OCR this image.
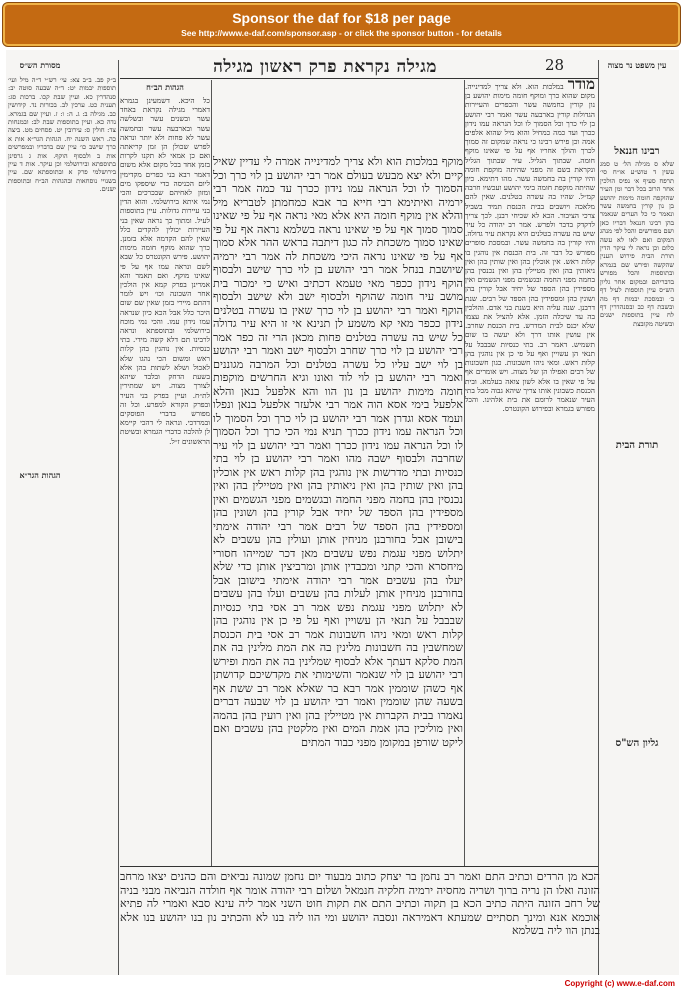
Sponsor the daf for $18 per page
See http://www.e-daf.com/sponsor.asp - or click the sponsor button - for details
28
מגילה נקראת פרק ראשון מגילה	עין משפט נר מצוה
רבינו חננאל
תורת הבית
גליון הש"ס
מסורת הש״ס
הגהות הגר״א

שלא ס מגילה הל׳ ט סמג עשין ד טוש״ע או״ח סי׳ תרפח סעיף א׳ נפיס הולכין אחר הרוב בכל דבר ומן העיר שהוקפה חומה מימות יהושע בן נון קורין בחמשה עשר ונאמר כי כל הערים שנאמר בהן רבינו חננאל דבריו כאן ושם מפורשים והכל לפי מנהג המקום ואם לאו לא עשה כלום וכן נראה לי עיקר הדין תורת הבית פירוש הענין שהקשה ופירש שם בגמרא ובתוספות והכל מפורש בדבריהם ובמקום אחר גליון הש״ס עיין תוספות לעיל דף ב׳ ובמסכת יבמות דף מה ובשבת דף כב ובסנהדרין דף לח עיין בתוספות ישנים ובשיטה מקובצת

מודר במלכות הוא. ולא צריך למדינייה. מקום שהוא כרך ומוקף חומה מימות יהושע בן נון קורין בחמשה עשר והכפרים והעיירות הגדולות קורין בארבעה עשר ואמר רבי יהושע בן לוי כרך וכל הסמוך לו וכל הנראה עמו נידון ככרך ועד כמה כמחיל והוא מיל שהוא אלפים אמה וכן פירש רבינו כי נראה שמקום זה סמוך לכרך והולך אחריו אף על פי שאינו מוקף חומה. שבתוך הגליל. עיר שבתוך הגליל ונקראת בשם זה מפני שהיתה מוקפת חומה והיו קורין בה בחמשה עשר. מהו דתימא. כיון שהיתה מוקפת חומה בימי יהושע ועכשיו חרבה קמ״ל. שהיו בה עשרה בטלנים. שאין להם מלאכה ויושבים בבית הכנסת תמיד בשביל צרכי הציבור. הכא לא שכיחי רבנן. לכך צריך לדקדק בדבר ולפרש. אמר רב יהודה כל עיר שיש בה עשרה בטלנים היא נקראת עיר גדולה. והיו קורין בה בחמשה עשר. ובמסכת סופרים מפורש כל דבר זה. בית הכנסת אין נוהגין בו קלות ראש. אין אוכלין בהן ואין שותין בהן ואין ניאותין בהן ואין מטיילין בהן ואין נכנסין בהן בחמה מפני החמה ובגשמים מפני הגשמים ואין מספידין בהן הספד של יחיד אבל קורין בהן ושונין בהן ומספידין בהן הספד של רבים. שנת דרבנן. שנה עליה היא כשנת בני אדם. והולכין בה עד שיכלה הזמן. אלא להציל את עצמו שלא יכנס לבית המדרש. בית הכנסת שחרב. אין עושין אותו דרך ולא יעשה בו שום תשמיש. דאמר רב. בתי כנסיות שבבבל על תנאי הן עשויין ואף על פי כן אין נוהגין בהן קלות ראש. ומאי ניהו חשבונות. כגון חשבונות של רבים ואפילו הן של מצוה. ויש אומרים אף על פי שאין בו אלא לשון צואה בעלמא. ובית הכנסת כשבונין אותו צריך שיהא גבוה מכל בתי העיר שנאמר לרומם את בית אלהינו. והכל מפורש בגמרא ובפירוש הקונטרס.
הגהות הב״ח

כל היכא. דשמעינן בגמרא דאמרי מגילה נקראת באחד עשר ובשנים עשר ובשלשה עשר ובארבעה עשר ובחמשה עשר לא פחות ולא יותר ונראה לפרש שכולן הן זמן קריאתה ואם כן אמאי לא תקנו לקרות בזמן אחד בכל מקום אלא משום דאמר רבא בני כפרים מקדימין ליום הכניסה כדי שיספקו מים ומזון לאחיהם שבכרכים והכי נמי איתא בירושלמי. והוא הדין בני עיירות גדולות. עיין בתוספות לעיל. ומתוך כך נראה שאין בני העיירות יכולין להקדים כלל שאין להם הקדמה אלא בזמנן. כרך שהוא מוקף חומה מימות יהושע. פירש הקונטרס כל שבא לשם ונראה עמו אף על פי שאינו מוקף. ואם תאמר והא אמרינן בפרק קמא אין הולכין אחר השכונה וכו׳ ויש לומר דהתם מיירי בזמן שאין שם שום היכר כלל אבל הכא כיון שנראה עמו נידון עמו. והכי נמי מוכח בירושלמי ובתוספתא ונראה לרבינו תם דלא קשה מידי. בתי כנסיות. אין נוהגין בהן קלות ראש ומשום הכי נהגו שלא לאכול ושלא לשתות בהן אלא בשעת הדחק ובלבד שיהא לצורך מצוה. ויש שמתירין לת״ח. ועיין בפרק בני העיר ובפרק הקורא למפרע. וכל זה מפורש בדברי הפוסקים ובמרדכי. ונראה לי דהכי קיימא לן להלכה כדברי הגמרא ובשיטת הראשונים ז״ל.

מוקף במלכות הוא ולא צריך למדינייה אמרה לי עדיין שאיל קיים ולא יצא מבעש בעולם אמר רבי יהושע בן לוי כרך וכל הסמוך לו וכל הנראה עמו נידון ככרך עד כמה אמר רבי ירמיה ואיתימא רבי חייא בר אבא כמחמתן לטבריא מיל והלא אין מוקף חומה היא אלא מאי נראה אף על פי שאינו סמוך סמוך אף על פי שאינו נראה בשלמא נראה אף על פי שאינו סמוך משכחת לה כגון דיתבה בראש ההר אלא סמוך אף על פי שאינו נראה היכי משכחת לה אמר רבי ירמיה שיושבת בנחל אמר רבי יהושע בן לוי כרך שישב ולבסוף הוקף נידון ככפר מאי טעמא דכתיב ואיש כי ימכור בית מושב עיר חומה שהוקף ולבסוף ישב ולא שישב ולבסוף הוקף ואמר רבי יהושע בן לוי כרך שאין בו עשרה בטלנים נידון ככפר מאי קא משמע לן תנינא אי זו היא עיר גדולה כל שיש בה עשרה בטלנים פחות מכאן הרי זה כפר אמר רבי יהושע בן לוי כרך שחרב ולבסוף ישב ואמר רבי יהושע בן לוי ישב עליו כל עשרה בטלנים וכל המרבה מגוננים ואמר רבי יהושע בן לוי לוד ואונו וגיא החרשים מוקפות חומה מימות יהושע בן נון הוו והא אלפעל בנאן והלא אלפעל בימי אסא הוה אמר רבי אלעזר אלפעל בנאן ונפלו ועמד אסא וגדרן אמר רבי יהושע בן לוי כרך וכל הסמוך לו וכל הנראה עמו נידון ככרך תניא נמי הכי כרך וכל הסמוך לו וכל הנראה עמו נידון ככרך ואמר רבי יהושע בן לוי עיר שחרבה ולבסוף ישבה מהו ואמר רבי יהושע בן לוי בתי כנסיות ובתי מדרשות אין נוהגין בהן קלות ראש אין אוכלין בהן ואין שותין בהן ואין ניאותין בהן ואין מטיילין בהן ואין נכנסין בהן בחמה מפני החמה ובגשמים מפני הגשמים ואין מספידין בהן הספד של יחיד אבל קורין בהן ושונין בהן ומספידין בהן הספד של רבים אמר רבי יהודה אימתי בישובן אבל בחורבנן מניחין אותן ועולין בהן עשבים לא יתלוש מפני עגמת נפש עשבים מאן דכר שמייהו חסורי מיחסרא והכי קתני ומכבדין אותן ומרביצין אותן כדי שלא יעלו בהן עשבים אמר רבי יהודה אימתי בישובן אבל בחורבנן מניחין אותן לעלות בהן עשבים ועלו בהן עשבים לא יתלוש מפני עגמת נפש אמר רב אסי בתי כנסיות שבבבל על תנאי הן עשויין ואף על פי כן אין נוהגין בהן קלות ראש ומאי ניהו חשבונות אמר רב אסי בית הכנסת שמחשבין בה חשבונות מלינין בה את המת מלינין בה את המת סלקא דעתך אלא לבסוף שמלינין בה את המת ופירש רבי יהושע בן לוי שנאמר והשימותי את מקדשיכם קדושתן אף כשהן שוממין אמר רבא בר שאלא אמר רב ששת אף בשעה שהן שוממין ואמר רבי יהושע בן לוי שבעה דברים נאמרו בבית הקברות אין מטיילין בהן ואין רועין בהן בהמה ואין מוליכין בהן אמת המים ואין מלקטין בהן עשבים ואם ליקט שורפן במקומן מפני כבוד המתים

הכא מן הרדים וכתיב התם ואמר רב נחמן בר יצחק כתוב מבעוד יום נחמן שמונה נביאים והם כהנים יצאו מרחב הזונה ואלו הן נריה ברוך ושריה מחסיה ירמיה חלקיה חנמאל ושלום רבי יהודה אומר אף חולדה הנביאה מבני בניה של רחב הזונה היתה כתיב הכא בן תקוה וכתיב התם את תקות חוט השני אמר ליה עינא סבא ואמרי לה פתיא אוכמא אנא ומינך תסתיים שמעתא דאמיראה ונסבה יהושע ומי הוו ליה בנו לא והכתיב נון בנו יהושע בנו אלא בנתן הוו ליה בשלמא

ב״ק פב. ב״ב צא: עי׳ רש״י ד״ה מיל ועי׳ תוספות יבמות יט: ד״ה שבעה סוטה יב: סנהדרין כא. ועיין שבת קכו. ברכות סג: תענית כט. ערכין לב. בכורות נד. קידושין כב. מגילה ב: ג. ה: ו: ז. ועיין שם בגמרא. נדה כא. ועיין בתוספות שבת לב: ובמנחות צד: חולין ס: עירובין יט. פסחים מט. ביצה כה. ראש השנה יח. הגהות הגר״א אות א כרך שישב כו׳ עיין שם בדבריו ובמפרשים אות ב ולבסוף הוקף. אות ג גרסינן בתוספתא ובירושלמי וכן עיקר. אות ד עיין בירושלמי פרק א ובתוספתא שם. עיין בשנויי נוסחאות ובהגהות הב״ח ובתוספות ישנים.

Copyright (c) www.e-daf.com
